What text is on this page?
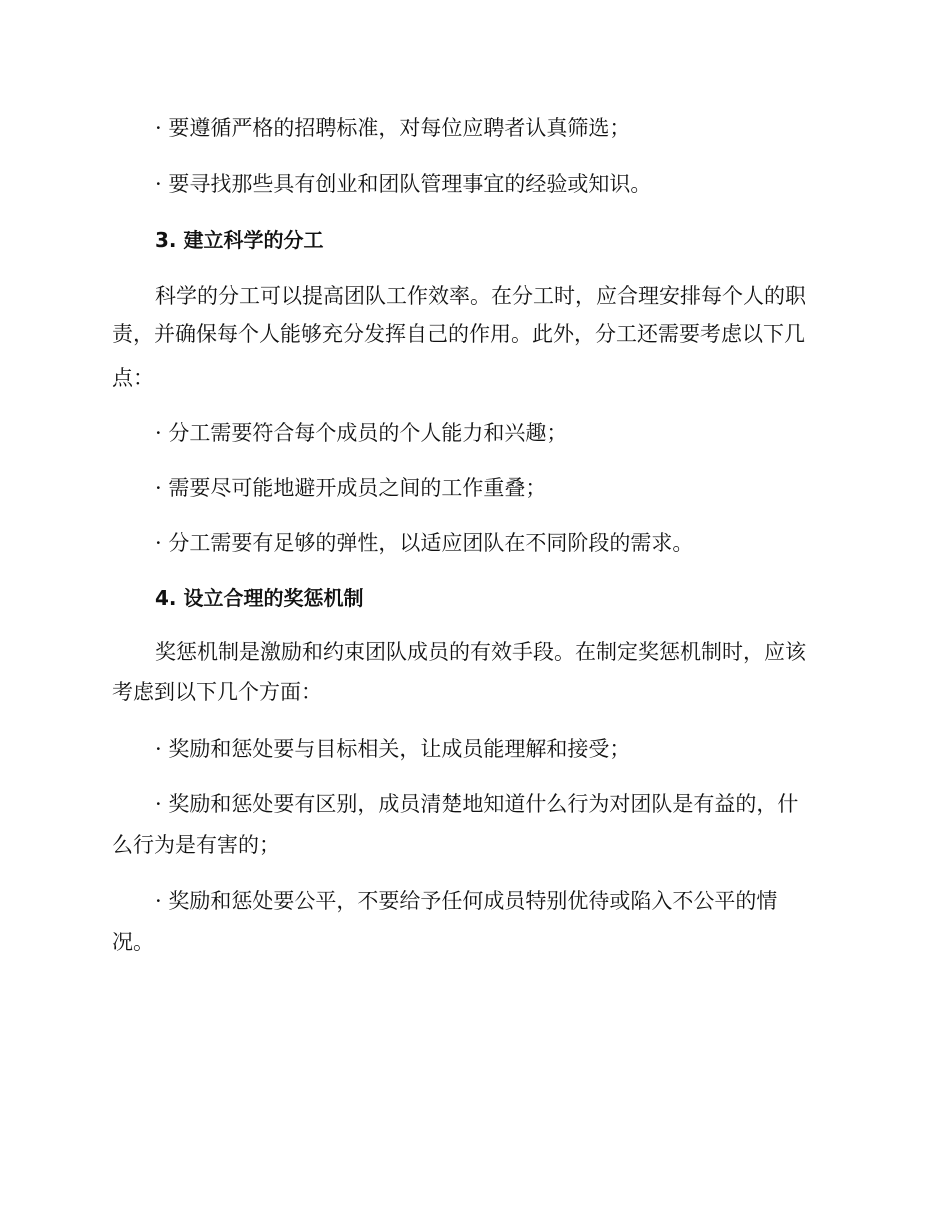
· 要遵循严格的招聘标准，对每位应聘者认真筛选；
· 要寻找那些具有创业和团队管理事宜的经验或知识。
3. 建立科学的分工
科学的分工可以提高团队工作效率。在分工时，应合理安排每个人的职
责，并确保每个人能够充分发挥自己的作用。此外，分工还需要考虑以下几
点：
· 分工需要符合每个成员的个人能力和兴趣；
· 需要尽可能地避开成员之间的工作重叠；
· 分工需要有足够的弹性，以适应团队在不同阶段的需求。
4. 设立合理的奖惩机制
奖惩机制是激励和约束团队成员的有效手段。在制定奖惩机制时，应该
考虑到以下几个方面：
· 奖励和惩处要与目标相关，让成员能理解和接受；
· 奖励和惩处要有区别，成员清楚地知道什么行为对团队是有益的，什
么行为是有害的；
· 奖励和惩处要公平，不要给予任何成员特别优待或陷入不公平的情
况。
